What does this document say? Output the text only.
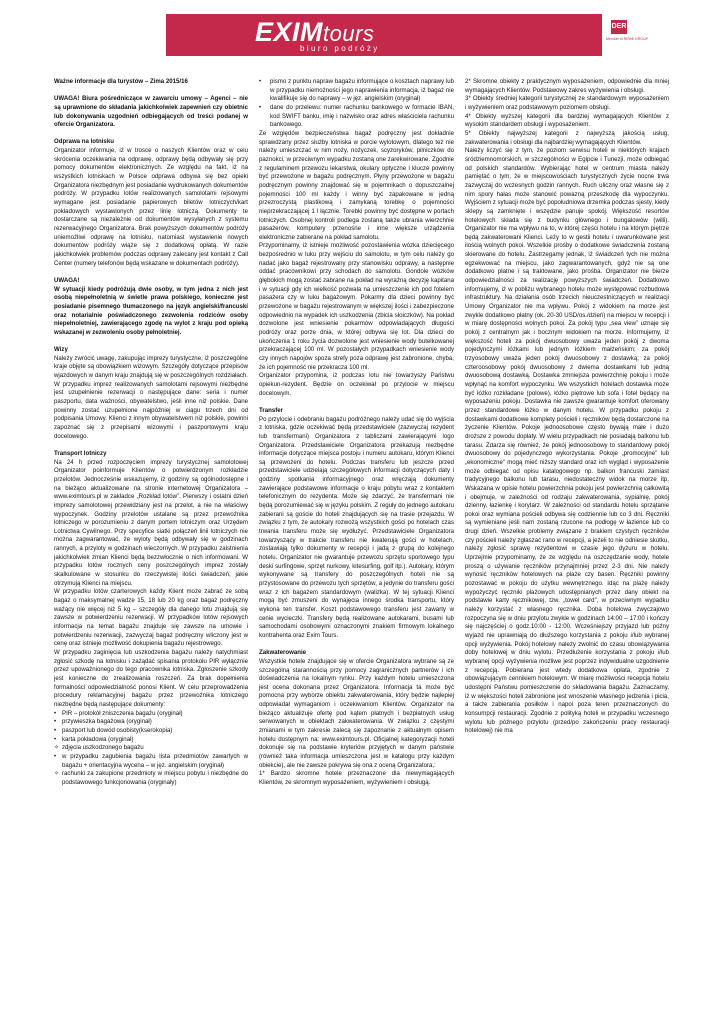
EXIMtours
biuro podróży
DER
Member of REWE GROUP

Ważne informacje dla turystów – Zima 2015/16

UWAGA! Biura pośredniczące w zawarciu umowy – Agenci – nie są uprawnione do składania jakichkolwiek zapewnień czy obietnic lub dokonywania uzgodnień odbiegających od treści podanej w ofercie Organizatora.

Odprawa na lotnisku

Organizator informuje, iż w trosce o naszych Klientów oraz w celu skrócenia oczekiwania na odprawę, odprawy będą odbywały się przy pomocy dokumentów elektronicznych. Ze względu na fakt, iż na wszystkich lotniskach w Polsce odprawa odbywa się bez opieki Organizatora niezbędnym jest posiadanie wydrukowanych dokumentów podróży. W przypadku lotów realizowanych samolotami rejsowymi wymagane jest posiadanie papierowych biletów lotniczych/kart pokładowych wystawionych przez linię lotniczą. Dokumenty te dostarczane są niezależnie od dokumentów wysyłanych z systemu rezerwacyjnego Organizatora. Brak powyższych dokumentów podróży uniemożliwi odprawę na lotnisku, natomiast wystawienie nowych dokumentów podróży wiąże się z dodatkową opłatą. W razie jakichkolwiek problemów podczas odprawy zalecany jest kontakt z Call Center (numery telefonów będą wskazane w dokumentach podróży).

UWAGA!

W sytuacji kiedy podróżują dwie osoby, w tym jedna z nich jest osobą niepełnoletnią w świetle prawa polskiego, konieczne jest posiadanie pisemnego tłumaczonego na język angielski/francuski oraz notarialnie poświadczonego zezwolenia rodziców osoby niepełnoletniej, zawierającego zgodę na wylot z kraju pod opieką wskazanej w zezwoleniu osoby pełnoletniej.

Wizy

Należy zwrócić uwagę, zakupując imprezy turystyczne, iż poszczególne kraje objęte są obowiązkiem wizowym. Szczegóły dotyczące przepisów wjazdowych w danym kraju znajdują się w poszczególnych rozdziałach. W przypadku imprez realizowanych samolotami rejsowymi niezbędne jest uzupełnienie rezerwacji o następujące dane: seria i numer paszportu, data ważności, obywatelstwo, jeśli inne niż polskie. Dane powinny zostać uzupełnione najpóźniej w ciągu trzech dni od podpisania Umowy. Klienci z innym obywatelstwem niż polskie, powinni zapoznać się z przepisami wizowymi i paszportowymi kraju docelowego.

Transport lotniczy

Na 24 h przed rozpoczęciem imprezy turystycznej samolotowej Organizator poinformuje Klientów o potwierdzonym rozkładzie przelotów. Jednocześnie wskazujemy, iż godziny są ogólnodostępne i na bieżąco aktualizowane na stronie internetowej Organizatora – www.eximtours.pl w zakładce „Rozkład lotów”. Pierwszy i ostatni dzień imprezy samolotowej przewidziany jest na przelot, a nie na właściwy wypoczynek. Godziny przelotów ustalane są przez przewoźnika lotniczego w porozumieniu z danym portem lotniczym oraz Urzędem Lotnictwa Cywilnego. Przy specyfice siatki połączeń linii lotniczych nie można zagwarantować, że wyloty będą odbywały się w godzinach rannych, a przyloty w godzinach wieczornych. W przypadku zaistnienia jakichkolwiek zmian Klienci będą bezzwłocznie o nich informowani. W przypadku lotów rocznych ceny poszczególnych imprez zostały skalkulowane w stosunku do rzeczywistej ilości świadczeń, jakie otrzymują Klienci na miejscu.

W przypadku lotów czarterowych każdy Klient może zabrać ze sobą bagaż o maksymalnej wadze 15, 18 lub 20 kg oraz bagaż podręczny ważący nie więcej niż 5 kg – szczegóły dla danego lotu znajdują się zawsze w potwierdzeniu rezerwacji. W przypadków lotów rejsowych informacja na temat bagażu znajduje się zawsze na umowie i potwierdzeniu rezerwacji, zazwyczaj bagaż podręczny wliczony jest w cenę oraz istnieje możliwość dokupienia bagażu rejestrowego.

W przypadku zaginięcia lub uszkodzenia bagażu należy natychmiast zgłosić szkodę na lotnisku i zażądać spisania protokołu PIR wyłącznie przez upoważnionego do tego pracownika lotniska. Zgłoszenie szkody jest konieczne do zrealizowania roszczeń. Za brak dopełnienia formalności odpowiedzialność ponosi Klient. W celu przeprowadzenia procedury reklamacyjnej bagażu przez przewoźnika lotniczego niezbędne będą następujące dokumenty:

• PIR – protokół zniszczenia bagażu (oryginał)
• przywieszka bagażowa (oryginał)
• paszport lub dowód osobisty(kserokopia)
• karta pokładowa (oryginał)
✧ zdjęcia uszkodzonego bagażu
• w przypadku zagubienia bagażu lista przedmiotów zawartych w bagażu + orientacyjna wycena – w jęz. angielskim (oryginał)
✧ rachunki za zakupione przedmioty w miejscu pobytu i niezbędne do podstawowego funkcjonowania (oryginały)
• pismo z punktu napraw bagażu informujące o kosztach naprawy lub w przypadku niemożności jego naprawienia informacja, iż bagaż nie kwalifikuje się do naprawy – w jęz. angielskim (oryginał)
• dane do przelewu: numer rachunku bankowego w formacie IBAN, kod SWIFT banku, imię i nazwisko oraz adres właściciela rachunku bankowego.

Ze względów bezpieczeństwa bagaż podręczny jest dokładnie sprawdzany przez służby lotniska w porcie wylotowym, dlatego też nie należy umieszczać w nim noży, nożyczek, scyzoryków, pilniczków do paznokci, w przeciwnym wypadku zostaną one zarekwirowane. Zgodnie z regulaminem przewozu lekarstwa, okulary optyczne i klucze powinny być przewożone w bagażu podręcznym. Płyny przewożone w bagażu podręcznym powinny znajdować się w pojemnikach o dopuszczalnej pojemności 100 ml każdy i winny być zapakowane w jedną przezroczystą plastikową i zamykaną torebkę o pojemności nieprzekraczającej 1 l łącznie. Torebki powinny być dostępne w portach lotniczych. Osobnej kontroli podlega zostaną także ubrania wierzchnie pasażerów, komputery przenośne i inne większe urządzenia elektroniczne zabierane na pokład samolotu.

Przypominamy, iż istnieje możliwość pozostawienia wózka dziecięcego bezpośrednio w luku przy wejściu do samolotu, w tym celu należy go nadać jako bagaż rejestrowany przy stanowisku odprawy, a następnie oddać pracownikowi przy schodach do samolotu. Gondole wózków głębokich mogą zostać zabrane na pokład na wyraźną decyzję kapitana i w sytuacji gdy ich wielkość pozwala na umieszczenie ich pod fotelem pasażera czy w luku bagażowym. Pokarmy dla dzieci powinny być przewożone w bagażu rejestrowanym w większej ilości i zabezpieczone odpowiednio na wypadek ich uszkodzenia (zbicia słoiczków). Na pokład dozwolone jest wniesienie pokarmów odpowiadających długości podróży oraz porze dnia, w której odbywa się lot. Dla dzieci do ukończenia 1 roku życia dozwolone jest wniesienie wody butelkowanej przekraczającej 100 ml. W pozostałych przypadkach wniesienie wody czy innych napojów spoza strefy poza odprawę jest zabronione, chyba, że ich pojemność nie przekracza 100 ml.

Organizator przypomina, iż podczas lotu nie towarzyszy Państwu opiekun-rezydent. Będzie on oczekiwał po przylocie w miejscu docelowym.

Transfer

Po przylocie i odebraniu bagażu podróżnego należy udać się do wyjścia z lotniska, gdzie oczekiwać będą przedstawiciele (zazwyczaj rezydent lub transfermani) Organizatora z tabliczami zawierającymi logo Organizatora. Przedstawiciele Organizatora przekazują niezbędne informacje dotyczące miejsca postoju i numeru autokaru, którym Klienci są przewożeni do hotelu. Podczas transferu lub jeszcze przed przedstawiciele udzielają szczegółowych informacji dotyczących daty i godziny spotkania informacyjnego oraz wręczają dokumenty zawierające podstawowe informacje o kraju pobytu wraz z kontaktem telefonicznym do rezydenta. Może się zdarzyć, że transfermani nie będą porozumiewać się w języku polskim. Z reguły do jednego autokaru zabierani są goście do hoteli znajdujących się na trasie przejazdu. W związku z tym, że autokary rozwożą wszystkich gości po hotelach czas trwania transferu może się wydłużyć. Przedstawiciele Organizatora towarzyszący w trakcie transferu nie kwaterują gości w hotelach, zostawiają tylko dokumenty w recepcji i jadą z grupą do kolejnego hotelu. Organizator nie gwarantuje przewozu sprzętu sportowego typu deski surfingowe, sprzęt nurkowy, kitesurfing, golf itp.). Autokary, którym wykonywane są transfery do poszczególnych hoteli nie są przystosowane do przewozu tych sprzętów, a jedynie do transferu gości wraz z ich bagażem standardowym (walizka). W tej sytuacji Klienci mogą być zmuszeni do wynajęcia innego środka transportu, który wykona ten transfer. Koszt podstawowego transferu jest zawarty w cenie wycieczki. Transfery będą realizowane autokarami, busami lub samochodami osobowymi oznaczonymi znakiem firmowym lokalnego kontrahenta oraz Exim Tours.

Zakwaterowanie

Wszystkie hotele znajdujące się w ofercie Organizatora wybrane są ze szczególną starannością przy pomocy zagranicznych partnerów i ich doświadczenia na lokalnym rynku. Przy każdym hotelu umieszczona jest ocena dokonana przez Organizatora. Informacja ta może być pomocna przy wyborze obiektu zakwaterowania, który będzie najlepiej odpowiadał wymaganiom i oczekiwaniom Klientów. Organizator na bieżąco aktualizuje ofertę pod kątem płatnych i bezpłatnych usług serwowanych w obiektach zakwaterowania. W związku z częstymi zmianami w tym zakresie zalecą się zapoznanie z aktualnym opisem hotelu dostępnym na: www.eximtours.pl. Oficjalnej kategoryzacji hoteli dokonuje się na podstawie kryteriów przyjętych w danym państwie (również taka informacja umieszczona jest w katalogu przy każdym obiekcie), ale nie zawsze pokrywa się ona z oceną Organizatora,:

1* Bardzo skromne hotele przeznaczone dla niewymagających Klientów, ze skromnym wyposażeniem, wyżywieniem i obsługą.

2* Skromne obiekty z praktycznym wyposażeniem, odpowiednie dla mniej wymagających Klientów. Podstawowy zakres wyżywienia i obsługi.

3* Obiekty średniej kategorii turystycznej ze standardowym wyposażeniem i wyżywieniem oraz podstawowym poziomem obsługi.

4* Obiekty wyższej kategorii dla bardziej wymagających Klientów z wysokim standardem obsługi i wyposażeniem.

5* Obiekty najwyższej kategorii z najwyższą jakością usług, zakwaterowania i obsługi dla najbardziej wymagających Klientów.

Należy liczyć się z tym, że poziom serwisu hoteli w niektórych krajach śródziemnomorskich, w szczególności w Egipcie i Tunezji, może odbiegać od polskich standardów. Wybierając hotel w centrum miasta należy pamiętać o tym, że w miejscowościach turystycznych życie nocne trwa zazwyczaj do wczesnych godzin rannych. Ruch uliczny oraz własne się z nim spory hałas może stanowić powazną przeszkodę dla wypoczynku. Wyjściem z sytuacji może być popołudniowa drzemka podczas sjesty, kiedy sklepy są zamknięte i wszędzie panuje spokój. Większość resortów hotelowych składa się z budynku głównego i bungalowów (willi). Organizator nie ma wpływu na to, w której części hotelu i na którym piętrze będą zakwaterowani Klienci. Leży to w gestii hotelu i uwarunkowane jest ilością wolnych pokoi. Wszelkie prośby o dodatkowe świadczenia zostaną skierowane do hotelu. Zastrzegamy jednak, iż świadczeń tych nie można egzekwować na miejscu, jako zagwarantowanych, gdyż nie są one dodatkowo płatne i są traktowane, jako prośba. Organizator nie bierze odpowiedzialności za realizację powyższych świadczeń. Dodatkowo informujemy, iż w pobliżu wybranego hotelu może występować rozbudowa infrastruktury. Na działania osób trzecich nieuczestniczących w realizacji Umowy Organizator nie ma wpływu. Pokój z widokiem na morze jest zwykle dodatkowo płatny (ok. 20-30 USD/os./dzień) na miejscu w recepcji i w miarę dostępności wolnych pokoi. Za pokój typu „sea view” uznaje się pokój z centralnym jak i bocznym widokiem na morze. Informujemy, iż większość hoteli za pokój dwuosobowy uważa jeden pokój z dwoma pojedynczymi łóżkami lub jednym łóżkiem małżeńskim; za pokój trzyosobowy uważa jeden pokój dwuosobowy z dostawką; za pokój czteroosobowy pokój dwuosobowy z dwiema dostawkami lub jedną dwuosobową dostawką. Dostawka zmniejsza powierzchnię pokoju i może wpłynąć na komfort wypoczynku. We wszystkich hotelach dostawka może być łóżko rozkładane (polowe), łóżko piętrowe lub sofa i fotel będący na wyposażeniu pokoju. Dostawka nie zawsze gwarantuje komfort oferowany przez standardowe łóżko w danym hotelu. W przypadku pokoju z dostawkami dodatkowe komplety pościeli i ręczników będą dostarczone na życzenie Klientów. Pokoje jednoosobowe często bywają małe i dużo droższe z powodu dopłaty. W wielu przypadkach nie posiadają balkonu lub tarasu. Zdarza się również, że pokój jednoosobowy to standardowy pokój dwuosobowy do pojedynczego wykorzystania. Pokoje „promocyjne” lub „ekonomiczne” mogą mieć niższy standard oraz ich wygląd i wyposażenie może odbiegać od opisu katalogowego np. balkon francuski zamiast tradycyjnego balkonu lub tarasu, niedostateczny widok na morze itp. Wskazana w opisie hotelu powierzchnia pokoju jest powierzchnią całkowitą i obejmuje, w zależności od rodzaju zakwaterowania, sypialnię, pokój dzienny, łazienkę i korytarz. W zależności od standardu hotelu sprzątanie pokoi oraz wymiana pościeli odbywa się codziennie lub co 3 dni. Ręczniki są wymieniane jeśli nam zostaną rzucone na podłogę w łazience lub co drugi dzień. Wszelkie problemy związane z brakiem czystych ręczników czy pościeli należy zgłaszać rano w recepcji, a jeżeli to nie odniesie skutku, należy zgłosić sprawę rezydentowi w czasie jego dyżuru w hotelu. Uprzejmie przypominamy, że ze względu na oszczędzanie wody, hotele proszą o używanie ręczników przynajmniej przez 2-3 dni. Nie należy wynosić ręczników hotelowych na plaże czy basen. Ręczniki powinny pozostawać w pokoju do użytku wewnętrznego. Idąc na plażę należy wypożyczyć ręczniki plażowych udostępnianych przez dany obiekt na podstawie karty ręcznikowej, tzw. „towel card”, w przeciwnym wypadku należy korzystać z własnego ręcznika. Doba hotelowa zwyczajowo rozpoczyna się w dniu przylotu zwykle w godzinach 14:00 – 17:00 i kończy się najczęściej o godz.10:00 - 12:00. Wcześniejszy przyjazd lub późny wyjazd nie uprawniają do dłuższego korzystania z pokoju i/lub wybranej opcji wyżywienia. Pokój hotelowy należy zwolnić do czasu obowiązywania doby hotelowej w dniu wylotu. Przedłużenie korzystania z pokoju i/lub wybranej opcji wyżywienia możliwe jest poprzez indywidualne uzgodnienie z recepcją. Pobierana jest wtedy dodatkowa opłata, zgodnie z obowiązującym cennikiem hotelowym. W miarę możliwości recepcja hotelu udostępni Państwu pomieszczenie do składowania bagażu. Zaznaczamy, iż w większości hoteli zabronione jest wnoszenie własnego jedzenia i picia, a także zabierania posiłków i napoi poza teren przeznaczonych do konsumpcji restauracji. Zgodnie z polityką hoteli w przypadku wczesnego wylotu lub późnego przylotu (przed/po zakończeniu pracy restauracji hotelowej) nie ma
